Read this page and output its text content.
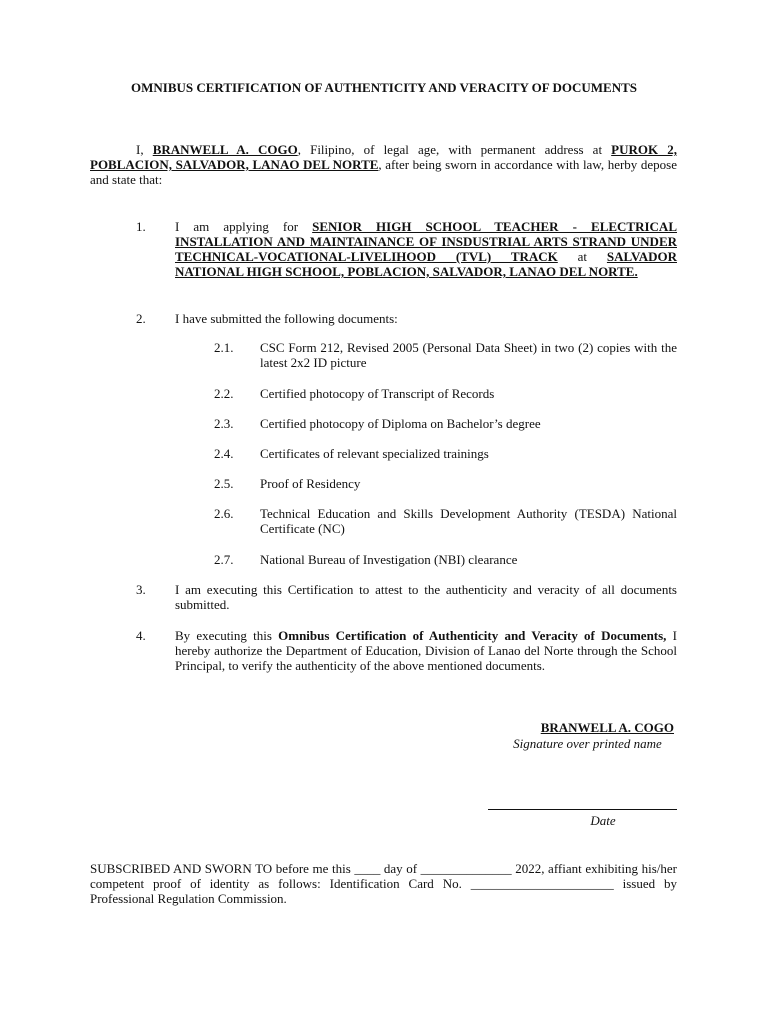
OMNIBUS CERTIFICATION OF AUTHENTICITY AND VERACITY OF DOCUMENTS
I, BRANWELL A. COGO, Filipino, of legal age, with permanent address at PUROK 2, POBLACION, SALVADOR, LANAO DEL NORTE, after being sworn in accordance with law, herby depose and state that:
1.	I am applying for SENIOR HIGH SCHOOL TEACHER - ELECTRICAL INSTALLATION AND MAINTAINANCE OF INSDUSTRIAL ARTS STRAND UNDER TECHNICAL-VOCATIONAL-LIVELIHOOD (TVL) TRACK at SALVADOR NATIONAL HIGH SCHOOL, POBLACION, SALVADOR, LANAO DEL NORTE.
2.	I have submitted the following documents:
2.1.	CSC Form 212, Revised 2005 (Personal Data Sheet) in two (2) copies with the latest 2x2 ID picture
2.2.	Certified photocopy of Transcript of Records
2.3.	Certified photocopy of Diploma on Bachelor’s degree
2.4.	Certificates of relevant specialized trainings
2.5.	Proof of Residency
2.6.	Technical Education and Skills Development Authority (TESDA) National Certificate (NC)
2.7.	National Bureau of Investigation (NBI) clearance
3.	I am executing this Certification to attest to the authenticity and veracity of all documents submitted.
4.	By executing this Omnibus Certification of Authenticity and Veracity of Documents, I hereby authorize the Department of Education, Division of Lanao del Norte through the School Principal, to verify the authenticity of the above mentioned documents.
BRANWELL A. COGO
Signature over printed name
Date
SUBSCRIBED AND SWORN TO before me this ____ day of ______________ 2022, affiant exhibiting his/her competent proof of identity as follows: Identification Card No. ______________________ issued by Professional Regulation Commission.
